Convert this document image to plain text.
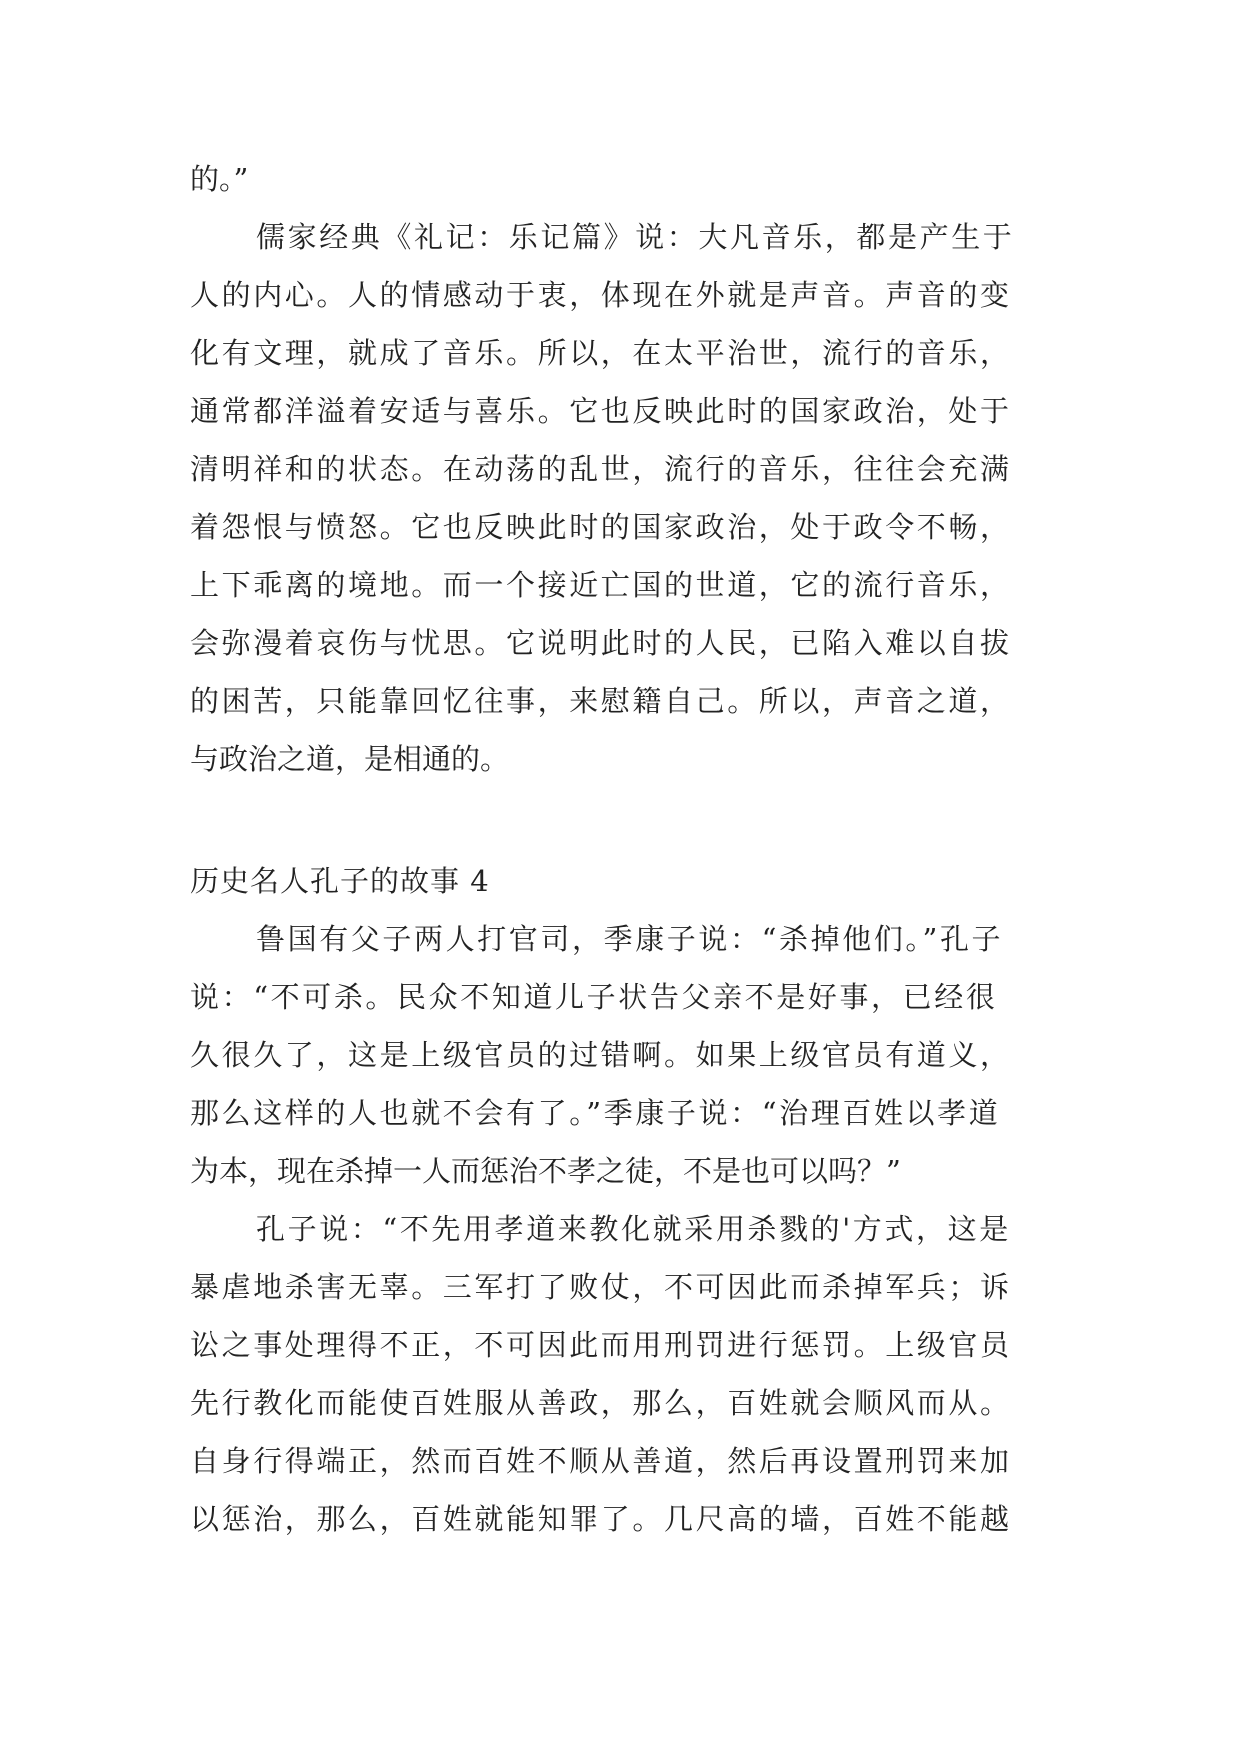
的。”
儒家经典《礼记：乐记篇》说：大凡音乐，都是产生于
人的内心。人的情感动于衷，体现在外就是声音。声音的变
化有文理，就成了音乐。所以，在太平治世，流行的音乐，
通常都洋溢着安适与喜乐。它也反映此时的国家政治，处于
清明祥和的状态。在动荡的乱世，流行的音乐，往往会充满
着怨恨与愤怒。它也反映此时的国家政治，处于政令不畅，
上下乖离的境地。而一个接近亡国的世道，它的流行音乐，
会弥漫着哀伤与忧思。它说明此时的人民，已陷入难以自拔
的困苦，只能靠回忆往事，来慰籍自己。所以，声音之道，
与政治之道，是相通的。
历史名人孔子的故事 4
鲁国有父子两人打官司，季康子说：“杀掉他们。”孔子
说：“不可杀。民众不知道儿子状告父亲不是好事，已经很
久很久了，这是上级官员的过错啊。如果上级官员有道义，
那么这样的人也就不会有了。”季康子说：“治理百姓以孝道
为本，现在杀掉一人而惩治不孝之徒，不是也可以吗？”
孔子说：“不先用孝道来教化就采用杀戮的'方式，这是
暴虐地杀害无辜。三军打了败仗，不可因此而杀掉军兵；诉
讼之事处理得不正，不可因此而用刑罚进行惩罚。上级官员
先行教化而能使百姓服从善政，那么，百姓就会顺风而从。
自身行得端正，然而百姓不顺从善道，然后再设置刑罚来加
以惩治，那么，百姓就能知罪了。几尺高的墙，百姓不能越
